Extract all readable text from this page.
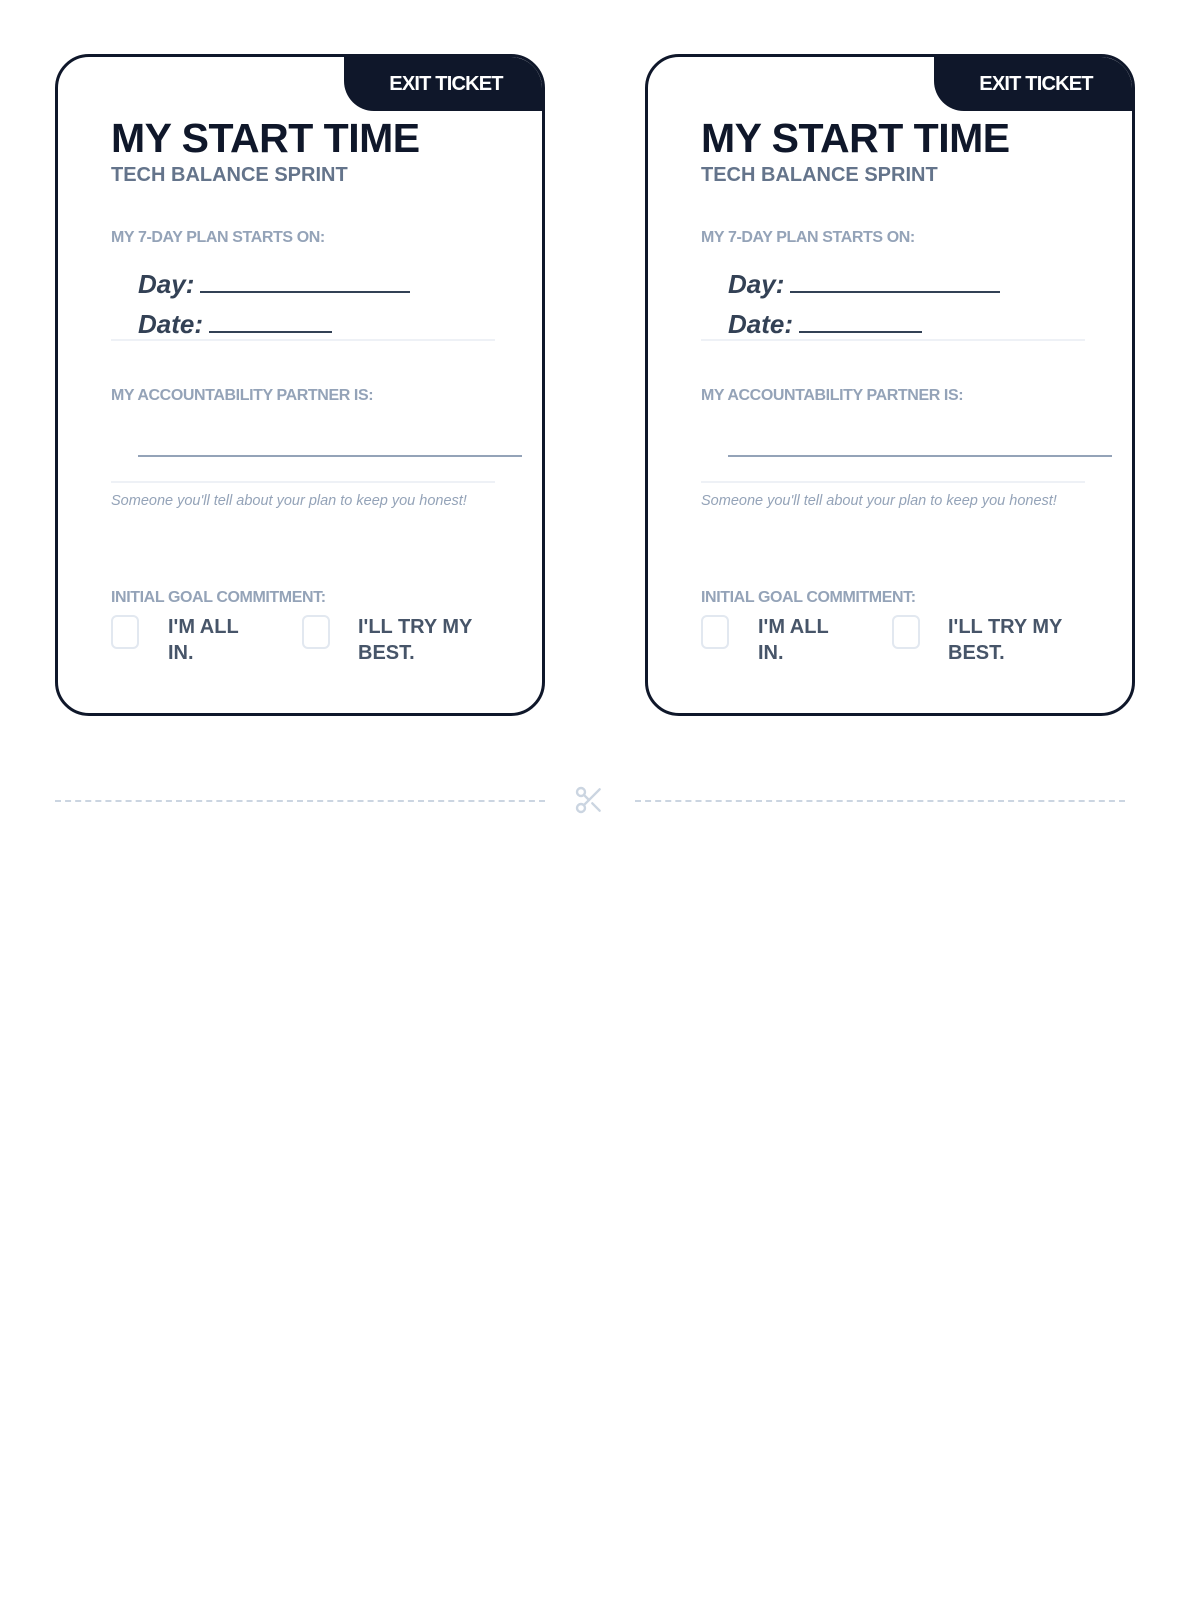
EXIT TICKET
MY START TIME
TECH BALANCE SPRINT
MY 7-DAY PLAN STARTS ON:
Day:
Date:
MY ACCOUNTABILITY PARTNER IS:
Someone you'll tell about your plan to keep you honest!
INITIAL GOAL COMMITMENT:
I'M ALL IN.
I'LL TRY MY BEST.
EXIT TICKET
MY START TIME
TECH BALANCE SPRINT
MY 7-DAY PLAN STARTS ON:
Day:
Date:
MY ACCOUNTABILITY PARTNER IS:
Someone you'll tell about your plan to keep you honest!
INITIAL GOAL COMMITMENT:
I'M ALL IN.
I'LL TRY MY BEST.
